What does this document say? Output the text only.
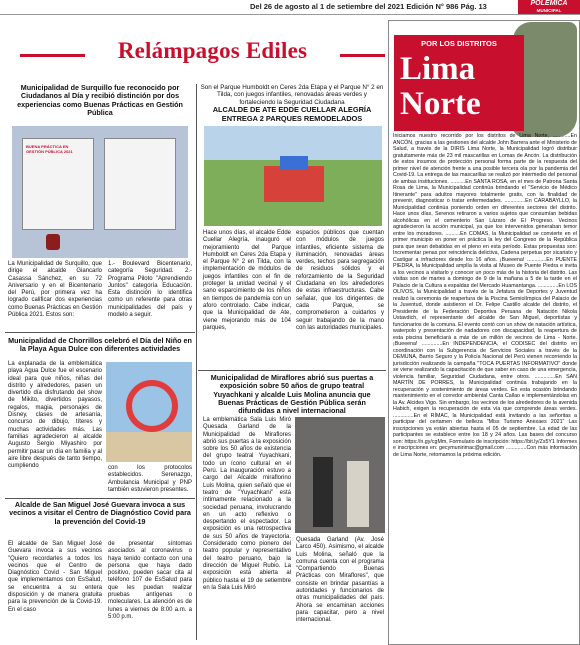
Del 26 de agosto al 1 de setiembre del 2021 Edición N° 986 Pág. 13	POLÉMICA
MUNICIPAL
Relámpagos Ediles

Municipalidad de Surquillo fue reconocido por Ciudadanos al Día y recibió distinción por dos experiencias como Buenas Prácticas en Gestión Pública

BUENA PRÁCTICA EN GESTIÓN PÚBLICA 2021
La Municipalidad de Surquillo, que dirige el alcalde Giancarlo Casassa Sánchez, en su 72 Aniversario y en el Bicentenario del Perú, por primera vez ha logrado calificar dos experiencias como Buenas Prácticas en Gestión Pública 2021. Estos son:
1.- Boulevard Bicentenario, categoría Seguridad. 2.-Programa Piloto "Aprendiendo Juntos" categoría Educación. Esta distinción lo identifica como un referente para otras municipalidades del país y modelo a seguir.

Municipalidad de Chorrillos celebró el Día del Niño en la Playa Agua Dulce con diferentes actividades

La explanada de la emblemática playa Agua Dulce fue el escenario ideal para que niños, niñas del distrito y alrededores, pasen un divertido día disfrutando del show de Mikito, divertidos payasos, regalos, magia, personajes de Disney, clases de artesanía, concurso de dibujo, títeres y muchas actividades más. Las familias agradecieron al alcalde Augusto Sergio Miyashiro por permitir pasar un día en familia y al aire libre después de tanto tiempo, cumpliendo	con los protocolos establecidos. Serenazgo, Ambulancia Municipal y PNP también estuvieron presentes.

Alcalde de San Miguel José Guevara invoca a sus vecinos a visitar el Centro de Diagnóstico Covid para la prevención del Covid-19

El alcalde de San Miguel José Guevara invoca a sus vecinos "Quiero recordarles a todos los vecinos que el Centro de Diagnóstico Covid - San Miguel que implementamos con EsSalud, se encuentra a su entera disposición y de manera gratuita para la prevención de la Covid-19. En el caso
de presentar síntomas asociados al coronavirus o haya tenido contacto con una persona que haya dado positivo, pueden sacar cita al teléfono 107 de EsSalud para que les puedan realizar pruebas antígenas o moleculares. La atención es de lunes a viernes de 8:00 a.m. a 5:00 p.m.

Son el Parque Humboldt en Ceres 2da Etapa y el Parque N° 2 en Tilda, con juegos infantiles, renovadas áreas verdes y fortaleciendo la Seguridad Ciudadana

ALCALDE DE ATE EDDE CUELLAR ALEGRÍA ENTREGA 2 PARQUES REMODELADOS

Hace unos días, el alcalde Edde Cuellar Alegría, inauguró el mejoramiento del Parque Humboldt en Ceres 2da Etapa y el Parque N° 2 en Tilda, con la implementación de módulos de juegos infantiles con el fin de proteger la unidad vecinal y el sano esparcimiento de los niños en tiempos de pandemia con un aforo controlado. Cabe indicar, que la Municipalidad de Ate, viene mejorando más de 104 parques,
espacios públicos que cuentan con módulos de juegos infantiles, eficiente sistema de iluminación, renovadas áreas verdes, techos para segregación de residuos sólidos y el reforzamiento de la Seguridad Ciudadana en los alrededores de estas infraestructuras. Cabe señalar, que los dirigentes de cada Parque, se comprometieron a cuidarlos y seguir trabajando de la mano con las autoridades municipales.

Municipalidad de Miraflores abrió sus puertas a exposición sobre 50 años de grupo teatral Yuyachkani y alcalde Luis Molina anuncia que Buenas Prácticas de Gestión Pública serán difundidas a nivel internacional

La emblemática Sala Luis Miró Quesada Garland de la Municipalidad de Miraflores abrió sus puertas a la exposición sobre los 50 años de existencia del grupo teatral Yuyachkani, todo un ícono cultural en el Perú. La inauguración estuvo a cargo del Alcalde miraflorino Luis Molina, quien señaló que el teatro de "Yuyachkani" está íntimamente relacionado a la sociedad peruana, involucrando en un acto reflexivo o despertando el espectador. La exposición es una retrospectiva de sus 50 años de trayectoria. Considerado como pionero del teatro popular y representativo del teatro peruano, bajo la dirección de Miguel Rubio. La exposición está abierta al público hasta el 19 de setiembre en la Sala Luis Miró
Quesada Garland (Av. José Larco 450). Asimismo, el alcalde Luis Molina, señaló que la comuna cuenta con el programa "Compartiendo Buenas Prácticas con Miraflores", que consiste en brindar pasantías a autoridades y funcionarios de otras municipalidades del país. Ahora se encaminan acciones para capacitar, pero a nivel internacional.
POR LOS DISTRITOS
Lima
Norte

Iniciamos nuestro recorrido por los distritos de Lima Norte, ............En ANCÓN, gracias a las gestiones del alcalde John Barrera ante el Ministerio de Salud, a través de la DIRIS Lima Norte, la Municipalidad logró distribuir gratuitamente más de 23 mil mascarillas en Lomas de Ancón. La distribución de estos insumos de protección personal forma parte de la respuesta del primer nivel de atención frente a una posible tercera ola por la pandemia del Covid-19. La entrega de las mascarillas se realizó por intermedio del personal de ambas instituciones. ..........En SANTA ROSA, en el mes de Patrona Santa Rosa de Lima, la Municipalidad continúa brindando el "Servicio de Médico Itinerante" para adultos mayores totalmente gratis, con la finalidad de prevenir, diagnosticar o tratar enfermedades. ..............En CARABAYLLO, la Municipalidad continúa poniendo orden en diferentes sectores del distrito. Hace unos días, Serenos retiraron a varios sujetos que consumían bebidas alcohólicas en el cementerio San Lázaro de El Progreso. Vecinos agradecieron la acción municipal, ya que los intervenidos generaban temor entre los moradores. ..........En COMAS, la Municipalidad se convierte en el primer municipio en poner en práctica la ley del Congreso de la República para que sean debatidas en el pleno en esta período. Estas propuestas son: Incrementar penas por reincidencia delictiva, Cadena perpetua por sicariato y Castigar a infractores desde los 16 años. ¡Bueeena! .............En PUENTE PIEDRA, la Municipalidad amplía la visita al Museo de Puente Piedra e invita a los vecinos a visitarlo y conocer un poco más de la historia del distrito. Las visitas son de martes a domingo de 9 de la mañana a 5 de la tarde en el Palacio de la Cultura a espaldas del Mercado Huamantanga. ..............En LOS OLIVOS, la Municipalidad a través de la Jefatura de Deportes y Juventud realizó la ceremonia de reapertura de la Piscina Semiolímpica del Palacio de la Juventud, donde asistieron el Dr. Felipe Castillo alcalde del distrito, el Presidente de la Federación Deportiva Peruana de Natación Nikola Ustavdich, el representante del alcalde de San Miguel, deportistas y funcionarios de la comuna. El evento contó con un show de natación artística, waterpolo y presentación de nadadores con discapacidad, la reapertura de esta piscina beneficiará a más de un millón de vecinos de Lima - Norte. ¡Bueeena! ..............En INDEPENDENCIA, el CODISEC del distrito en coordinación con la Subgerencia de Servicios Sociales a través de la DEMUNA, Barrio Seguro y la Policía Nacional del Perú vienen recorriendo la jurisdicción realizando la campaña "TOCA PUERTAS INFORMATIVO" donde se viene realizando la capacitación de que saber en caso de una emergencia, violencia familiar, Seguridad Ciudadana, entre otros. ..............En SAN MARTÍN DE PORRES, la Municipalidad continúa trabajando en la recuperación y sostenimiento de áreas verdes. En esta ocasión brindando mantenimiento en el corredor ambiental Canta Callao e implementándolas en la Av. Alcides Vigo. Sin embargo, los vecinos de los alrededores de la avenida Habich, exigen la recuperación de esta vía que comprende áreas verdes. ..............En el RÍMAC, la Municipalidad está invitando a las señoritas a participar del certamen de belleza "Miss Turismo Anexaes 2021" Las inscripciones ya están abiertas hasta el 05 de septiembre. La edad de las participantes se establece entre los 18 y 24 años. Las bases del concurso son: https://n.gy/cgMm, Formulario de inscripción: https://bit.ly/Zs5Y1 Informes e inscripciones en: gecymunirimac@gmail.com ..............Con más información de Lima Norte, retomamos la próxima edición.
